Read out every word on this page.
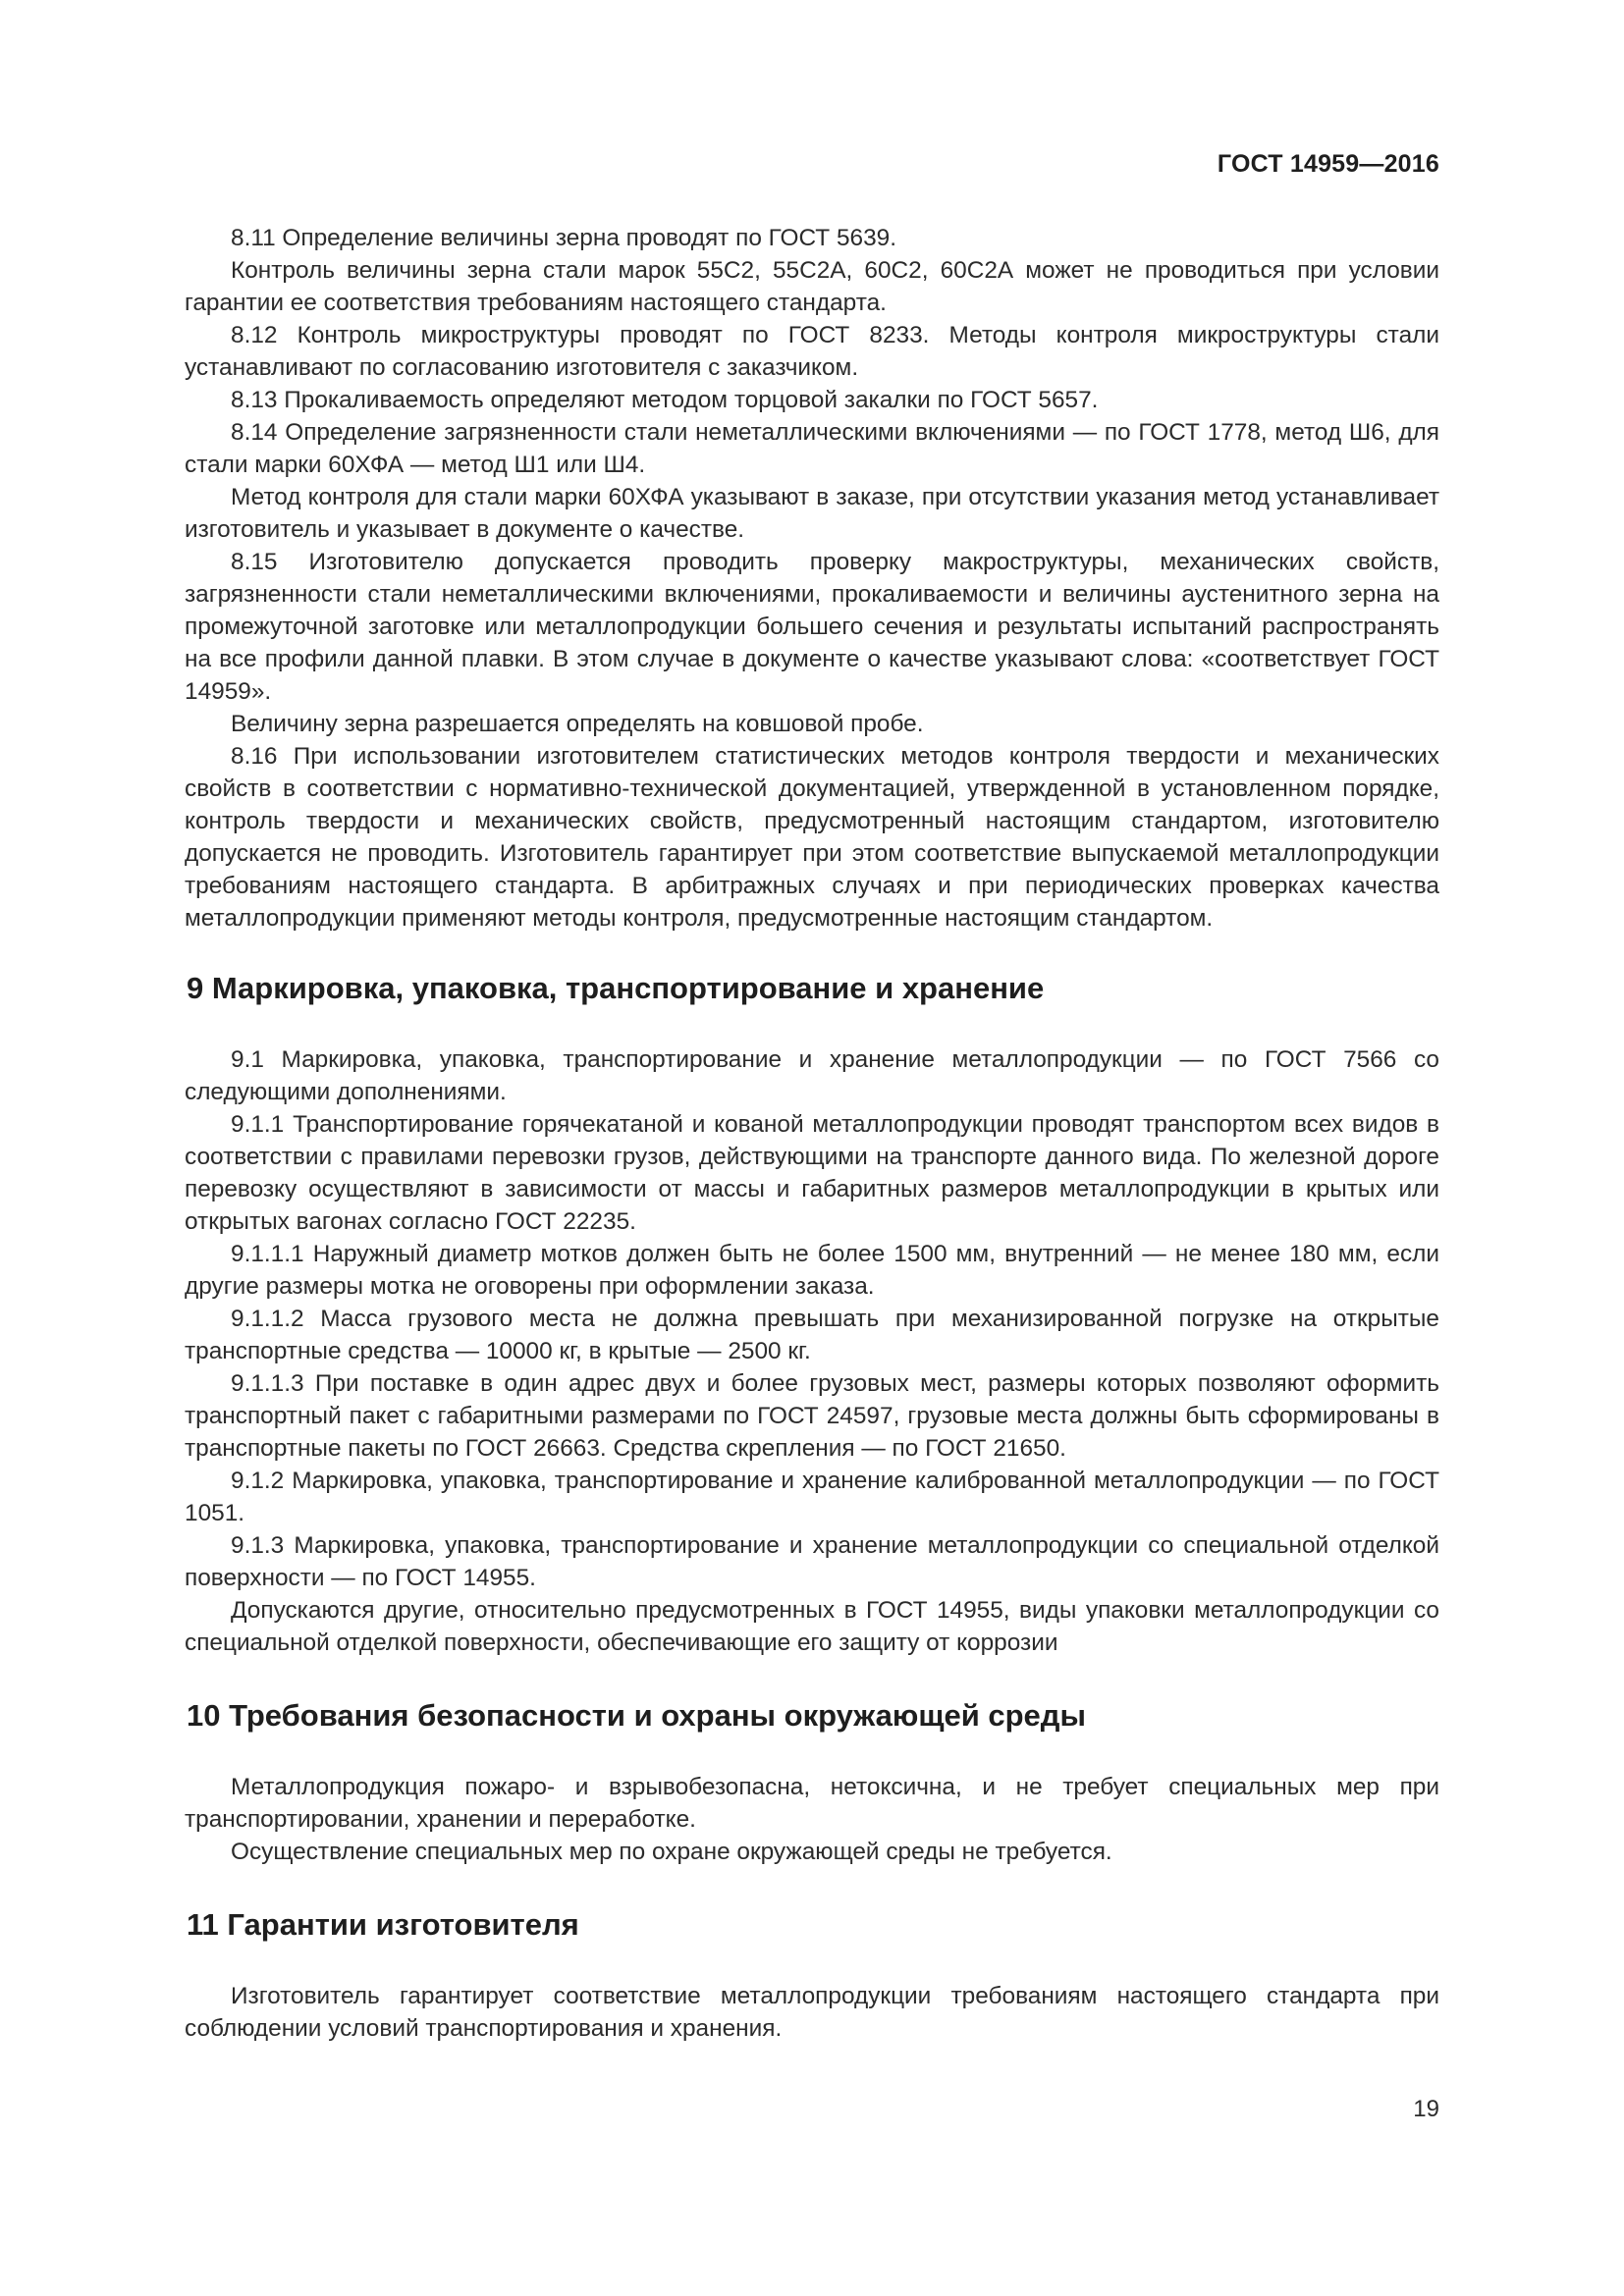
ГОСТ 14959—2016

8.11 Определение величины зерна проводят по ГОСТ 5639.

Контроль величины зерна стали марок 55С2, 55С2А, 60С2, 60С2А может не проводиться при условии гарантии ее соответствия требованиям настоящего стандарта.

8.12 Контроль микроструктуры проводят по ГОСТ 8233. Методы контроля микроструктуры стали устанавливают по согласованию изготовителя с заказчиком.

8.13 Прокаливаемость определяют методом торцовой закалки по ГОСТ 5657.

8.14 Определение загрязненности стали неметаллическими включениями — по ГОСТ 1778, метод Ш6, для стали марки 60ХФА — метод Ш1 или Ш4.

Метод контроля для стали марки 60ХФА указывают в заказе, при отсутствии указания метод устанавливает изготовитель и указывает в документе о качестве.

8.15 Изготовителю допускается проводить проверку макроструктуры, механических свойств, загрязненности стали неметаллическими включениями, прокаливаемости и величины аустенитного зерна на промежуточной заготовке или металлопродукции большего сечения и результаты испытаний распространять на все профили данной плавки. В этом случае в документе о качестве указывают слова: «соответствует ГОСТ 14959».

Величину зерна разрешается определять на ковшовой пробе.

8.16 При использовании изготовителем статистических методов контроля твердости и механических свойств в соответствии с нормативно-технической документацией, утвержденной в установленном порядке, контроль твердости и механических свойств, предусмотренный настоящим стандартом, изготовителю допускается не проводить. Изготовитель гарантирует при этом соответствие выпускаемой металлопродукции требованиям настоящего стандарта. В арбитражных случаях и при периодических проверках качества металлопродукции применяют методы контроля, предусмотренные настоящим стандартом.

9 Маркировка, упаковка, транспортирование и хранение

9.1 Маркировка, упаковка, транспортирование и хранение металлопродукции — по ГОСТ 7566 со следующими дополнениями.

9.1.1 Транспортирование горячекатаной и кованой металлопродукции проводят транспортом всех видов в соответствии с правилами перевозки грузов, действующими на транспорте данного вида. По железной дороге перевозку осуществляют в зависимости от массы и габаритных размеров металлопродукции в крытых или открытых вагонах согласно ГОСТ 22235.

9.1.1.1 Наружный диаметр мотков должен быть не более 1500 мм, внутренний — не менее 180 мм, если другие размеры мотка не оговорены при оформлении заказа.

9.1.1.2 Масса грузового места не должна превышать при механизированной погрузке на открытые транспортные средства — 10000 кг, в крытые — 2500 кг.

9.1.1.3 При поставке в один адрес двух и более грузовых мест, размеры которых позволяют оформить транспортный пакет с габаритными размерами по ГОСТ 24597, грузовые места должны быть сформированы в транспортные пакеты по ГОСТ 26663. Средства скрепления — по ГОСТ 21650.

9.1.2 Маркировка, упаковка, транспортирование и хранение калиброванной металлопродукции — по ГОСТ 1051.

9.1.3 Маркировка, упаковка, транспортирование и хранение металлопродукции со специальной отделкой поверхности — по ГОСТ 14955.

Допускаются другие, относительно предусмотренных в ГОСТ 14955, виды упаковки металлопродукции со специальной отделкой поверхности, обеспечивающие его защиту от коррозии

10 Требования безопасности и охраны окружающей среды

Металлопродукция пожаро- и взрывобезопасна, нетоксична, и не требует специальных мер при транспортировании, хранении и переработке.

Осуществление специальных мер по охране окружающей среды не требуется.

11 Гарантии изготовителя

Изготовитель гарантирует соответствие металлопродукции требованиям настоящего стандарта при соблюдении условий транспортирования и хранения.

19
